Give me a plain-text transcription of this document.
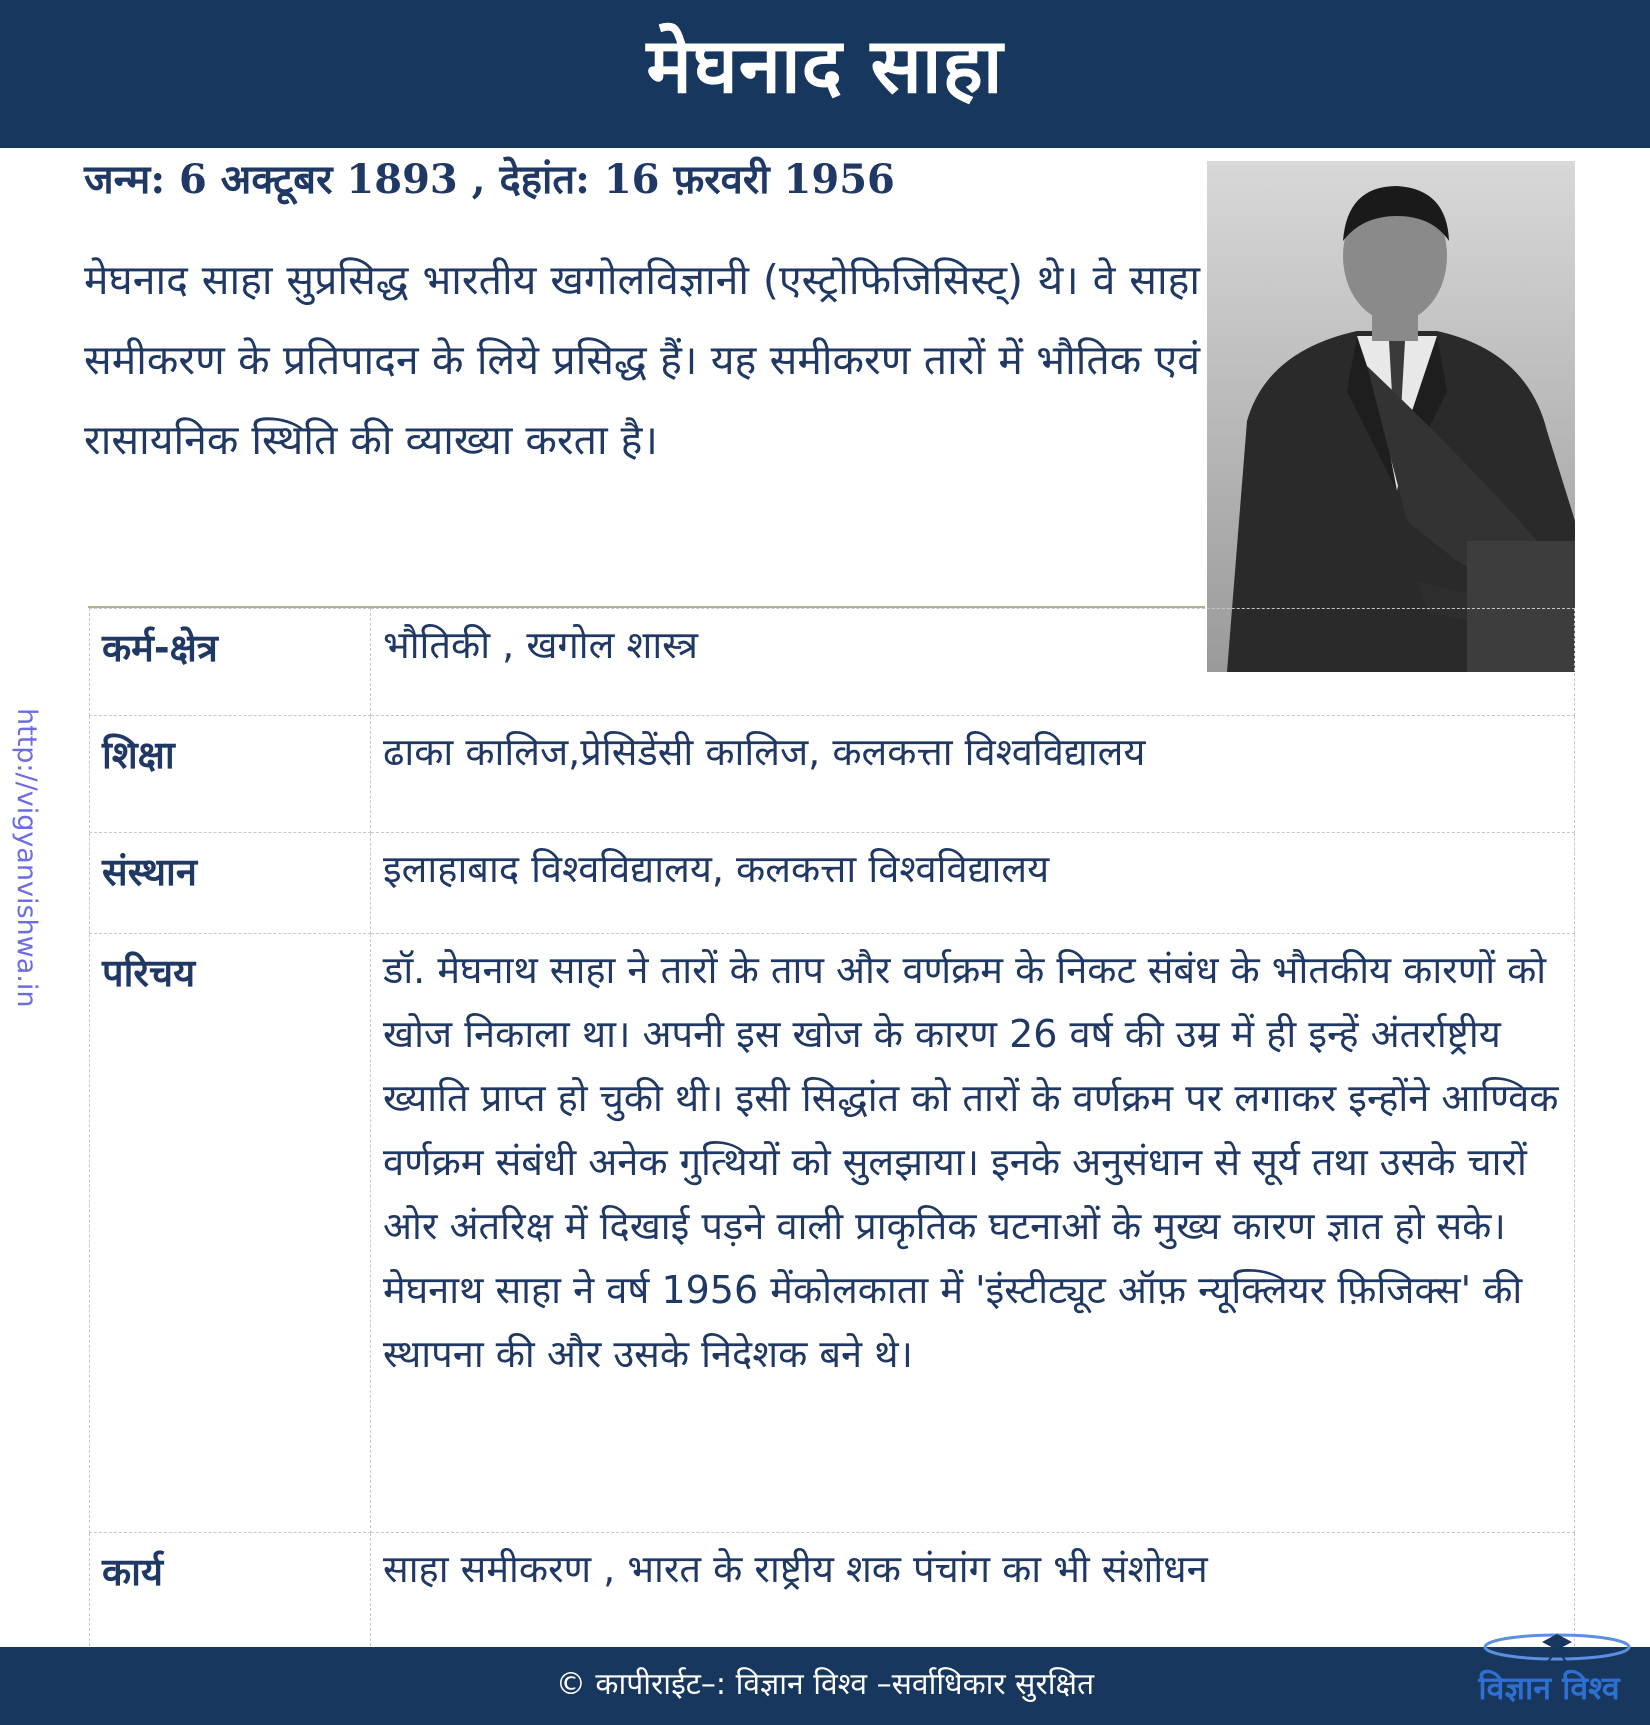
मेघनाद साहा
जन्म: 6 अक्टूबर 1893 , देहांत: 16 फ़रवरी 1956
मेघनाद साहा सुप्रसिद्ध भारतीय खगोलविज्ञानी (एस्ट्रोफिजिसिस्ट्) थे। वे साहा समीकरण के प्रतिपादन के लिये प्रसिद्ध हैं। यह समीकरण तारों में भौतिक एवं रासायनिक स्थिति की व्याख्या करता है।
कर्म-क्षेत्र	भौतिकी , खगोल शास्त्र
शिक्षा	ढाका कालिज,प्रेसिडेंसी कालिज, कलकत्ता विश्वविद्यालय
संस्थान	इलाहाबाद विश्वविद्यालय, कलकत्ता विश्वविद्यालय
परिचय	डॉ. मेघनाथ साहा ने तारों के ताप और वर्णक्रम के निकट संबंध के भौतकीय कारणों को खोज निकाला था। अपनी इस खोज के कारण 26 वर्ष की उम्र में ही इन्हें अंतर्राष्ट्रीय ख्याति प्राप्त हो चुकी थी। इसी सिद्धांत को तारों के वर्णक्रम पर लगाकर इन्होंने आण्विक वर्णक्रम संबंधी अनेक गुत्थियों को सुलझाया। इनके अनुसंधान से सूर्य तथा उसके चारों ओर अंतरिक्ष में दिखाई पड़ने वाली प्राकृतिक घटनाओं के मुख्य कारण ज्ञात हो सके। मेघनाथ साहा ने वर्ष 1956 मेंकोलकाता में 'इंस्टीट्यूट ऑफ़ न्यूक्लियर फ़िजिक्स' की स्थापना की और उसके निदेशक बने थे।
कार्य	साहा समीकरण , भारत के राष्ट्रीय शक पंचांग का भी संशोधन
http://vigyanvishwa.in
© कापीराईट–: विज्ञान विश्व –सर्वाधिकार सुरक्षित	विज्ञान विश्व
